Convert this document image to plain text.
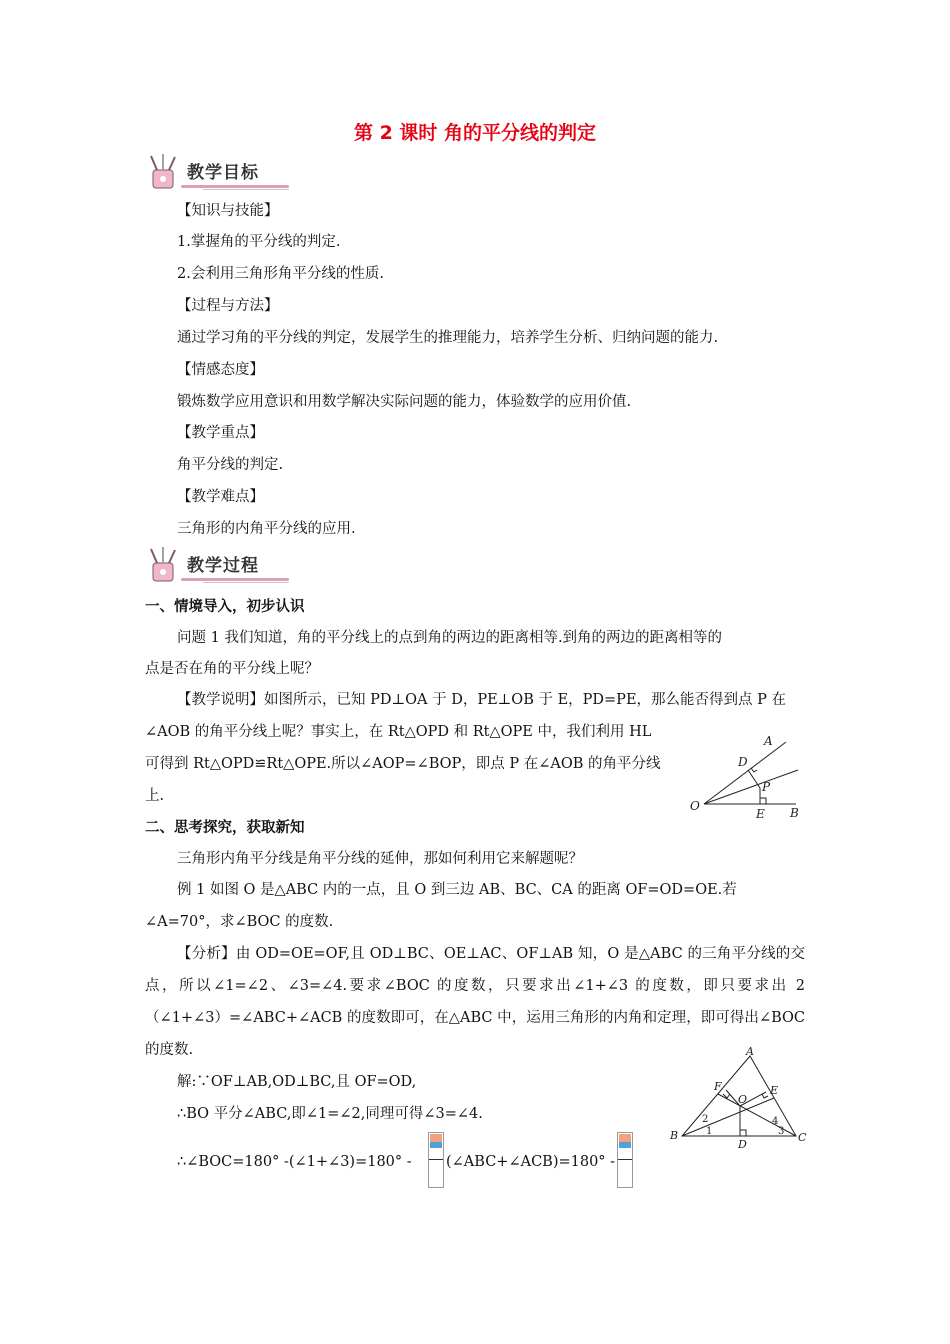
第 2 课时 角的平分线的判定
教学目标
【知识与技能】
1.掌握角的平分线的判定.
2.会利用三角形角平分线的性质.
【过程与方法】
通过学习角的平分线的判定，发展学生的推理能力，培养学生分析、归纳问题的能力.
【情感态度】
锻炼数学应用意识和用数学解决实际问题的能力，体验数学的应用价值.
【教学重点】
角平分线的判定.
【教学难点】
三角形的内角平分线的应用.
教学过程
一、情境导入，初步认识
问题 1 我们知道，角的平分线上的点到角的两边的距离相等.到角的两边的距离相等的
点是否在角的平分线上呢？
【教学说明】如图所示，已知 PD⊥OA 于 D，PE⊥OB 于 E，PD=PE，那么能否得到点 P 在
∠AOB 的角平分线上呢？事实上，在 Rt△OPD 和 Rt△OPE 中，我们利用 HL
可得到 Rt△OPD≌Rt△OPE.所以∠AOP=∠BOP，即点 P 在∠AOB 的角平分线
上.
A
D
P
O
E B
二、思考探究，获取新知
三角形内角平分线是角平分线的延伸，那如何利用它来解题呢？
例 1 如图 O 是△ABC 内的一点，且 O 到三边 AB、BC、CA 的距离 OF=OD=OE.若
∠A=70°，求∠BOC 的度数.
【分析】由 OD=OE=OF,且 OD⊥BC、OE⊥AC、OF⊥AB 知，O 是△ABC 的三角平分线的交点，所以∠1=∠2、∠3=∠4.要求∠BOC 的度数，只要求出∠1+∠3 的度数，即只要求出 2（∠1+∠3）=∠ABC+∠ACB 的度数即可，在△ABC 中，运用三角形的内角和定理，即可得出∠BOC 的度数.
解:∵OF⊥AB,OD⊥BC,且 OF=OD,
∴BO 平分∠ABC,即∠1=∠2,同理可得∠3=∠4.
∴∠BOC=180° -(∠1+∠3)=180° - (∠ABC+∠ACB)=180° -
A
F	E
O
B
D
C
1
2
3
4
